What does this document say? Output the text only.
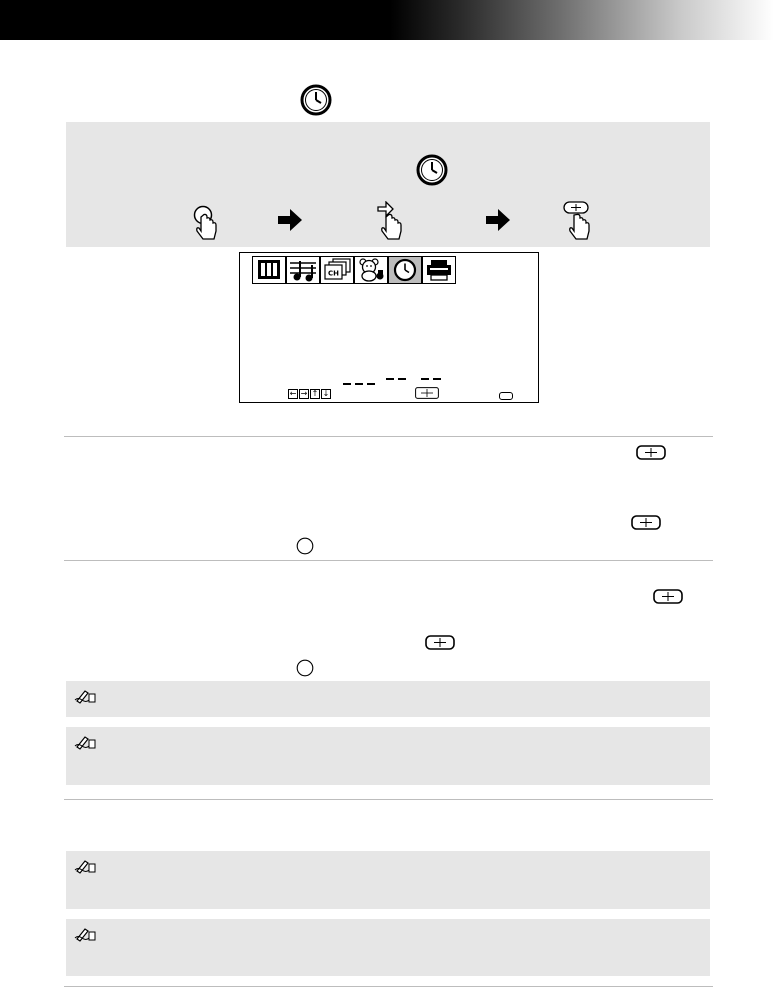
CH
← → ↑ ↓
